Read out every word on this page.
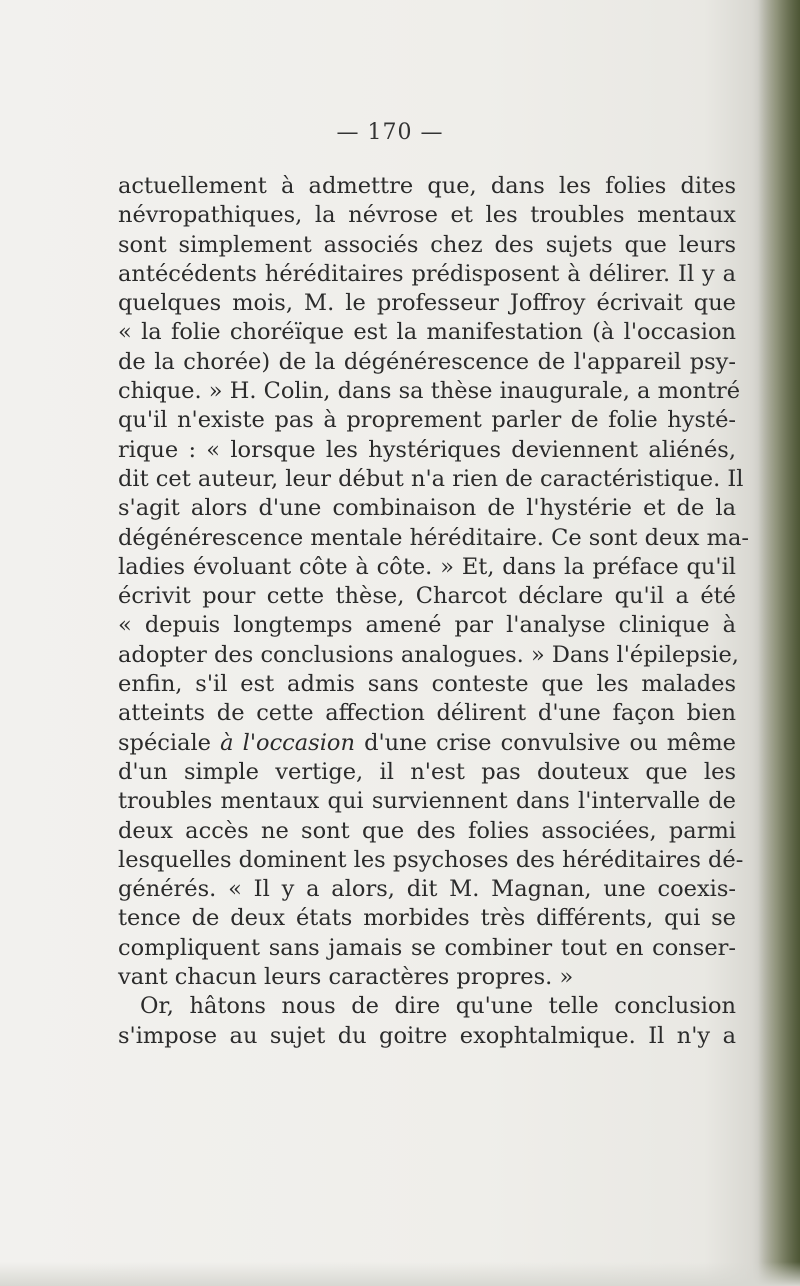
— 170 —
actuellement à admettre que, dans les folies dites
névropathiques, la névrose et les troubles mentaux
sont simplement associés chez des sujets que leurs
antécédents héréditaires prédisposent à délirer. Il y a
quelques mois, M. le professeur Joffroy écrivait que
« la folie choréïque est la manifestation (à l'occasion
de la chorée) de la dégénérescence de l'appareil psy-
chique. » H. Colin, dans sa thèse inaugurale, a montré
qu'il n'existe pas à proprement parler de folie hysté-
rique : « lorsque les hystériques deviennent aliénés,
dit cet auteur, leur début n'a rien de caractéristique. Il
s'agit alors d'une combinaison de l'hystérie et de la
dégénérescence mentale héréditaire. Ce sont deux ma-
ladies évoluant côte à côte. » Et, dans la préface qu'il
écrivit pour cette thèse, Charcot déclare qu'il a été
« depuis longtemps amené par l'analyse clinique à
adopter des conclusions analogues. » Dans l'épilepsie,
enfin, s'il est admis sans conteste que les malades
atteints de cette affection délirent d'une façon bien
spéciale à l'occasion d'une crise convulsive ou même
d'un simple vertige, il n'est pas douteux que les
troubles mentaux qui surviennent dans l'intervalle de
deux accès ne sont que des folies associées, parmi
lesquelles dominent les psychoses des héréditaires dé-
générés. « Il y a alors, dit M. Magnan, une coexis-
tence de deux états morbides très différents, qui se
compliquent sans jamais se combiner tout en conser-
vant chacun leurs caractères propres. »
Or, hâtons nous de dire qu'une telle conclusion
s'impose au sujet du goitre exophtalmique. Il n'y a
